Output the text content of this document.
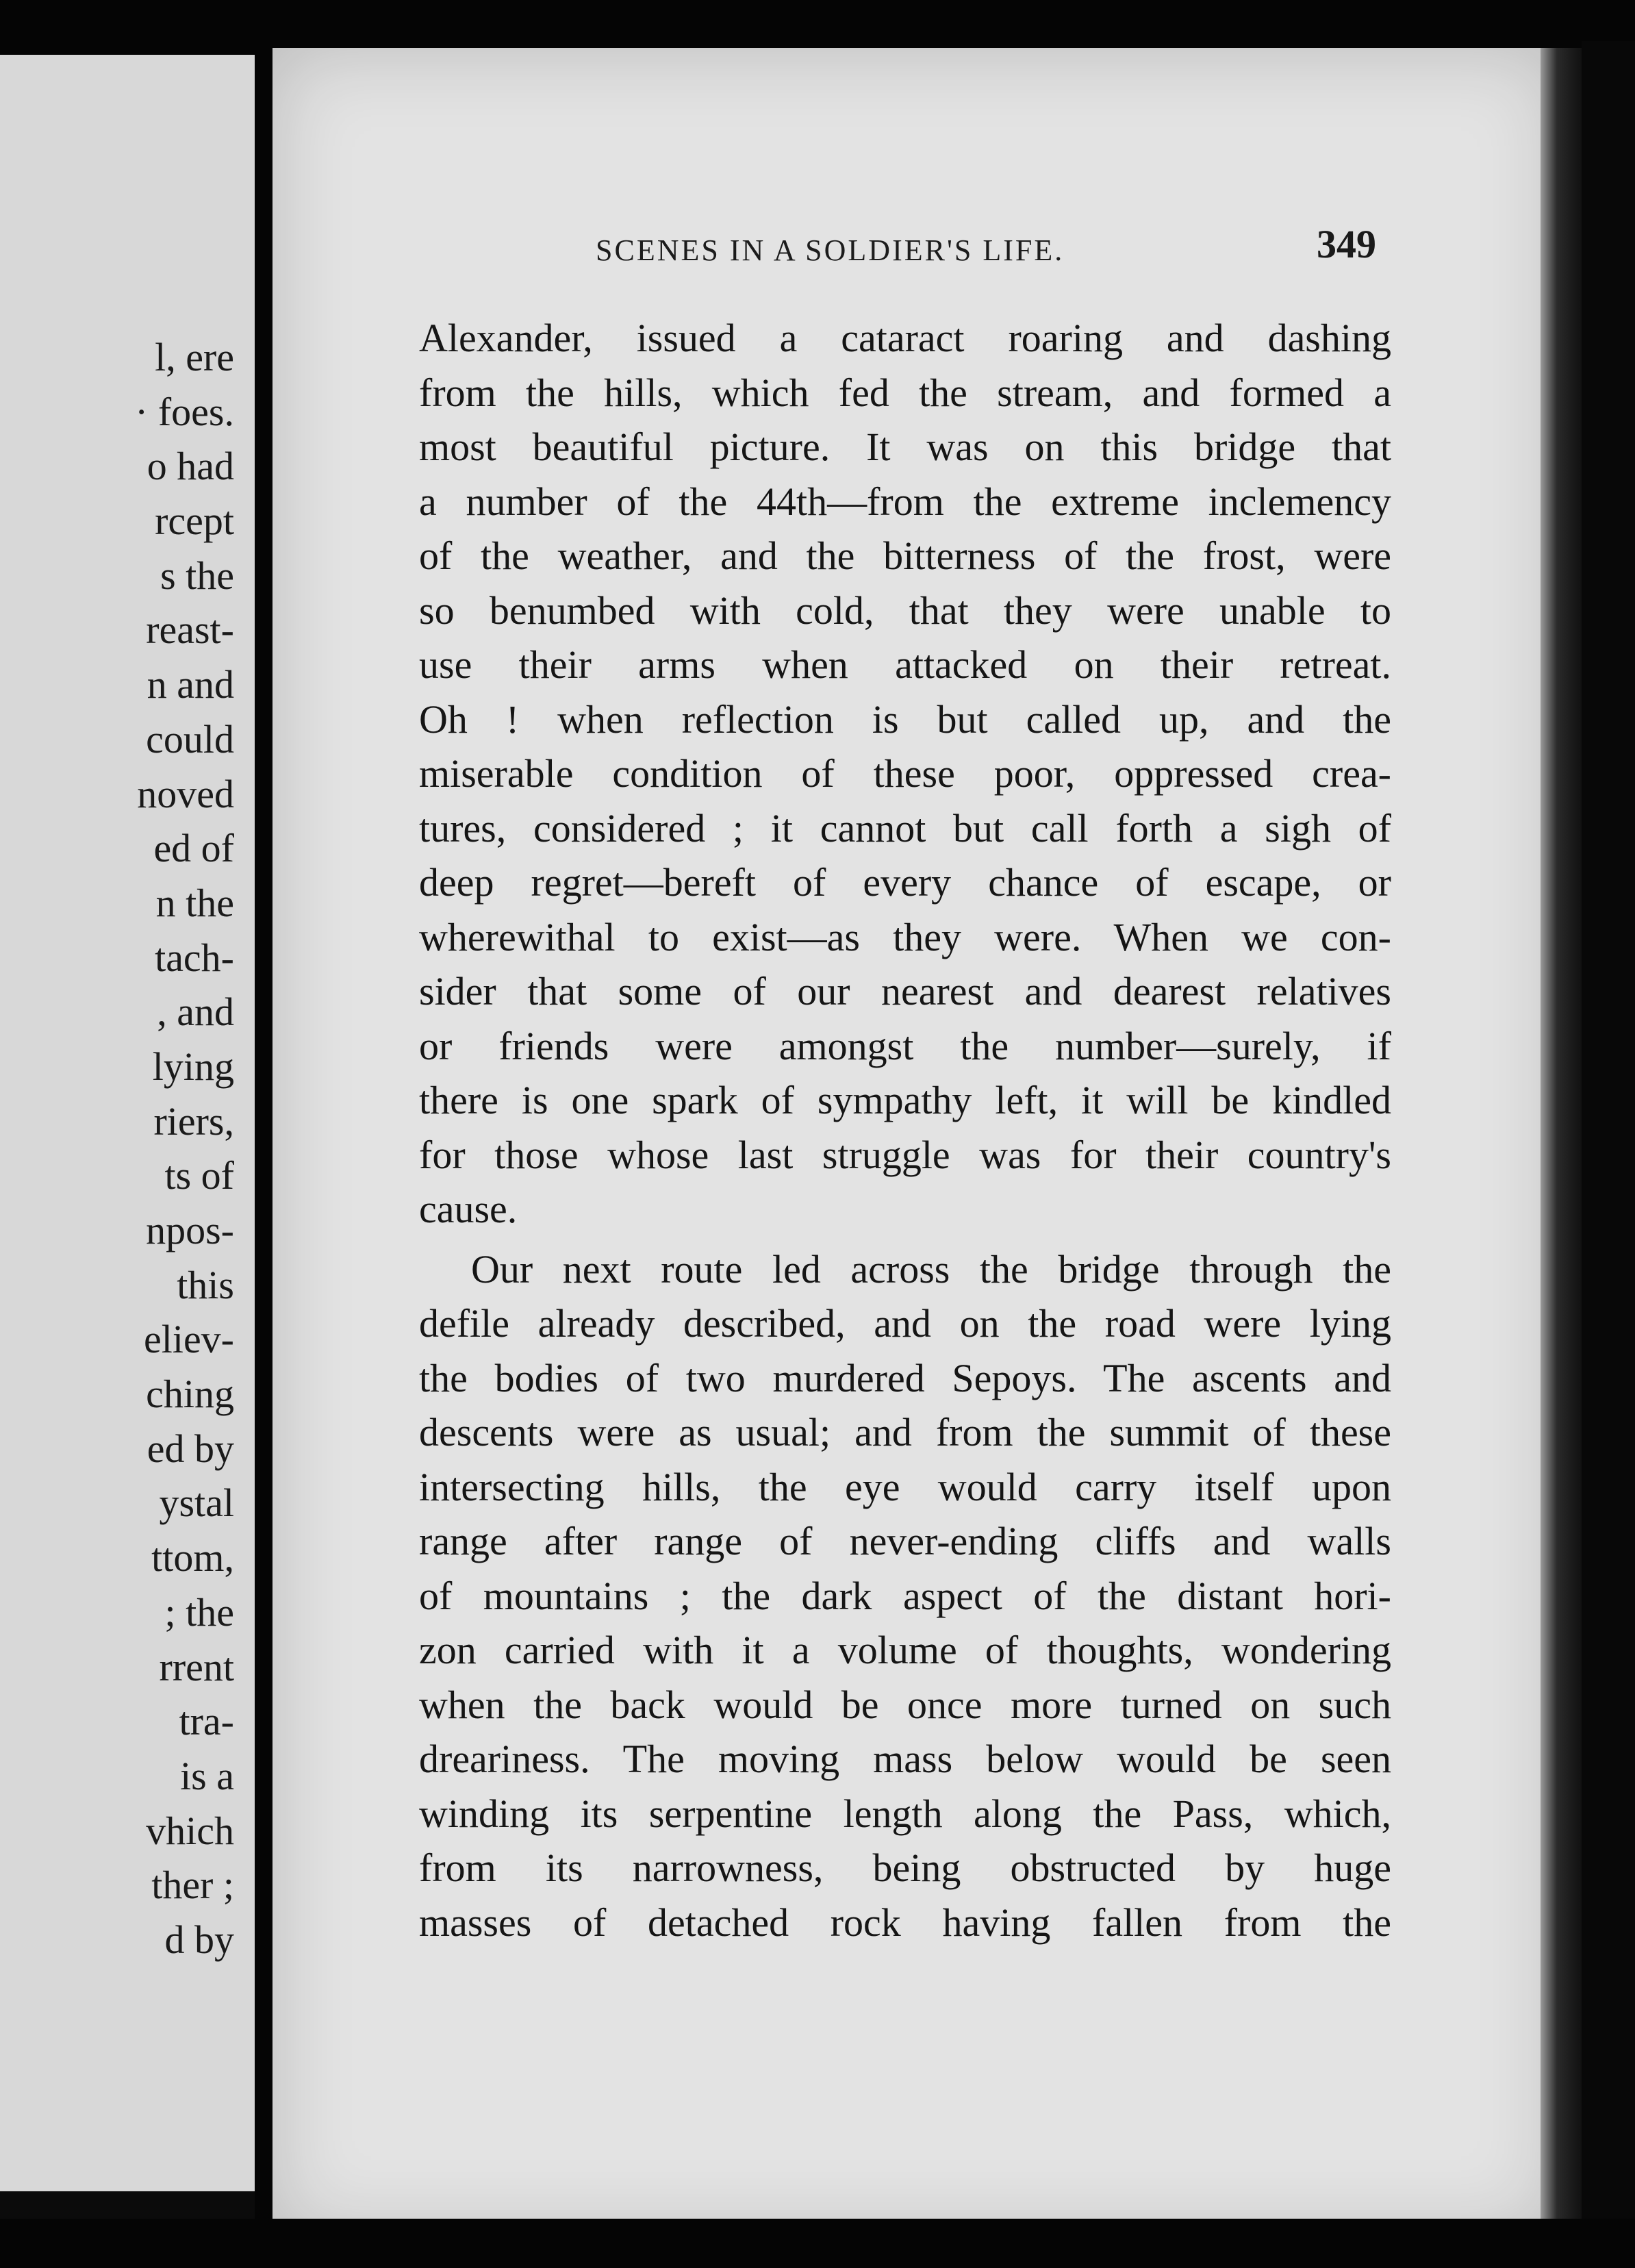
l, ere
· foes.
o had
rcept
s the
reast-
n and
could
noved
ed of
n the
tach-
, and
lying
riers,
ts of
npos-
this
eliev-
ching
ed by
ystal
ttom,
; the
rrent
tra-
is a
vhich
ther ;
d by
SCENES IN A SOLDIER'S LIFE.	349
Alexander, issued a cataract roaring and dashing
from the hills, which fed the stream, and formed a
most beautiful picture. It was on this bridge that
a number of the 44th—from the extreme inclemency
of the weather, and the bitterness of the frost, were
so benumbed with cold, that they were unable to
use their arms when attacked on their retreat.
Oh ! when reflection is but called up, and the
miserable condition of these poor, oppressed crea-
tures, considered ; it cannot but call forth a sigh of
deep regret—bereft of every chance of escape, or
wherewithal to exist—as they were. When we con-
sider that some of our nearest and dearest relatives
or friends were amongst the number—surely, if
there is one spark of sympathy left, it will be kindled
for those whose last struggle was for their country's
cause.
Our next route led across the bridge through the
defile already described, and on the road were lying
the bodies of two murdered Sepoys. The ascents and
descents were as usual; and from the summit of these
intersecting hills, the eye would carry itself upon
range after range of never-ending cliffs and walls
of mountains ; the dark aspect of the distant hori-
zon carried with it a volume of thoughts, wondering
when the back would be once more turned on such
dreariness. The moving mass below would be seen
winding its serpentine length along the Pass, which,
from its narrowness, being obstructed by huge
masses of detached rock having fallen from the
